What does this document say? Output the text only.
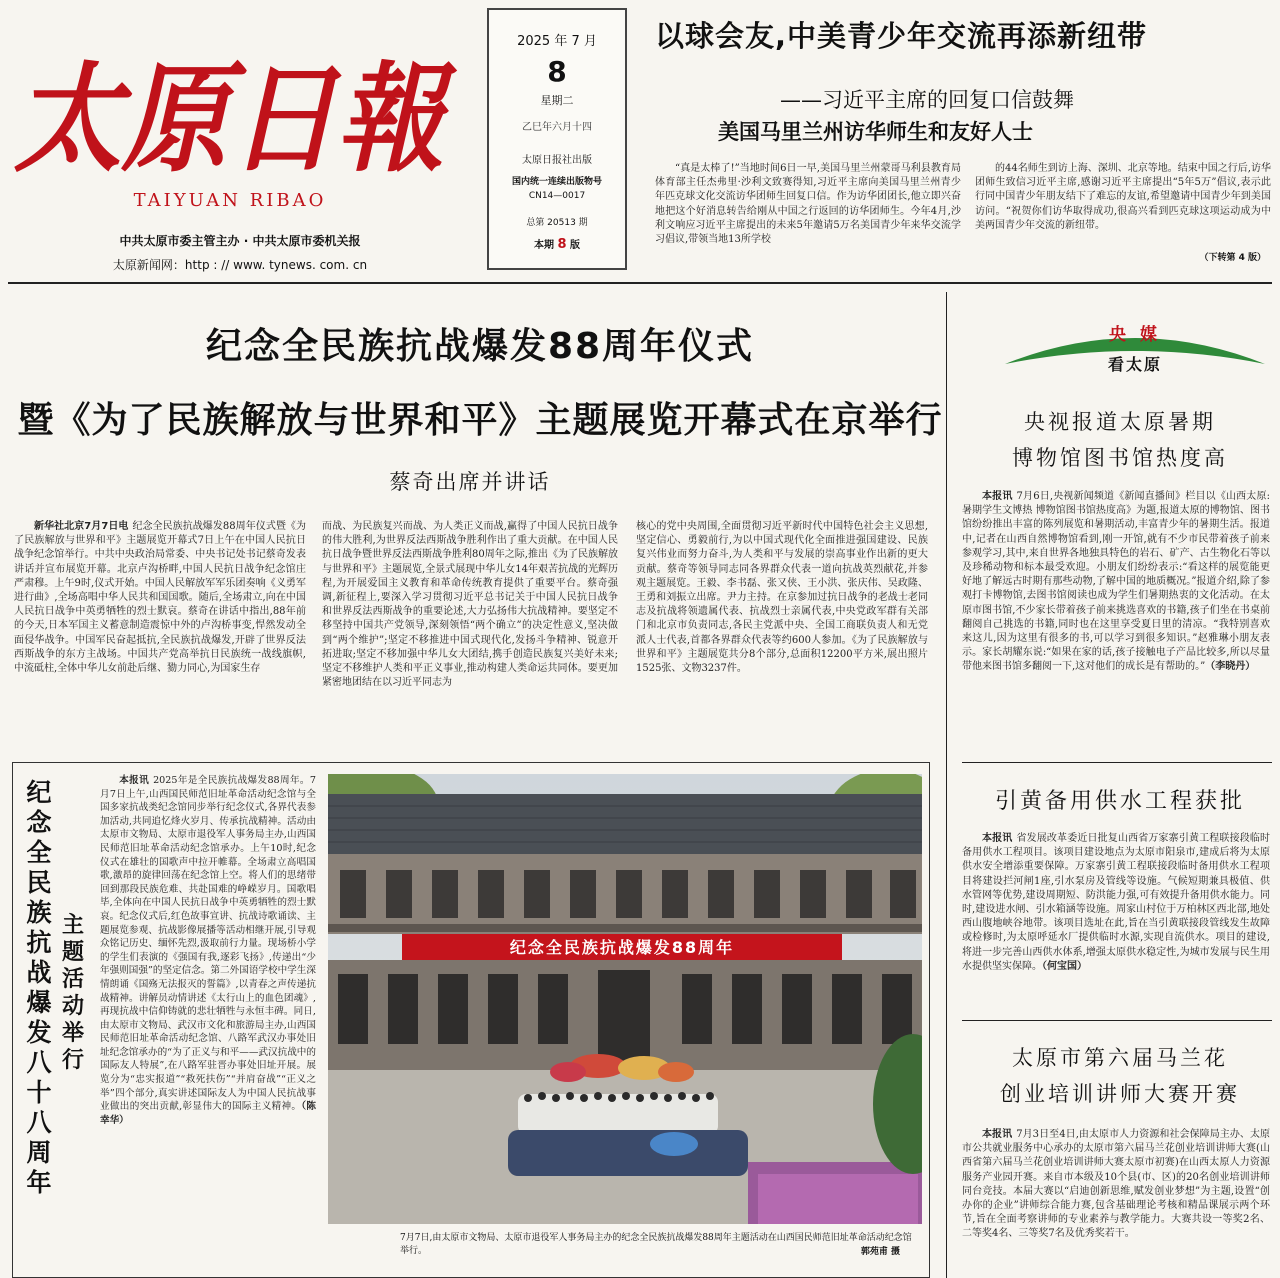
太原日報
TAIYUAN RIBAO
中共太原市委主管主办 · 中共太原市委机关报
太原新闻网：http : // www. tynews. com. cn
2025 年 7 月
8
星期二
乙巳年六月十四
太原日报社出版
国内统一连续出版物号
CN14—0017
总第 20513 期
本期 8 版
以球会友,中美青少年交流再添新纽带
——习近平主席的回复口信鼓舞
美国马里兰州访华师生和友好人士

“真是太棒了!”当地时间6日一早,美国马里兰州蒙哥马利县教育局体育部主任杰弗里·沙利文致赛得知,习近平主席向美国马里兰州青少年匹克球文化交流访华团师生回复口信。作为访华团团长,他立即兴奋地把这个好消息转告给刚从中国之行返回的访华团师生。今年4月,沙利文响应习近平主席提出的未来5年邀请5万名美国青少年来华交流学习倡议,带领当地13所学校

的44名师生到访上海、深圳、北京等地。结束中国之行后,访华团师生致信习近平主席,感谢习近平主席提出“5年5万”倡议,表示此行同中国青少年朋友结下了难忘的友谊,希望邀请中国青少年到美国访问。“祝贺你们访华取得成功,很高兴看到匹克球这项运动成为中美两国青少年交流的新纽带。

（下转第 4 版）
纪念全民族抗战爆发88周年仪式
暨《为了民族解放与世界和平》主题展览开幕式在京举行
蔡奇出席并讲话

新华社北京7月7日电 纪念全民族抗战爆发88周年仪式暨《为了民族解放与世界和平》主题展览开幕式7日上午在中国人民抗日战争纪念馆举行。中共中央政治局常委、中央书记处书记蔡奇发表讲话并宣布展览开幕。北京卢沟桥畔,中国人民抗日战争纪念馆庄严肃穆。上午9时,仪式开始。中国人民解放军军乐团奏响《义勇军进行曲》,全场高唱中华人民共和国国歌。随后,全场肃立,向在中国人民抗日战争中英勇牺牲的烈士默哀。蔡奇在讲话中指出,88年前的今天,日本军国主义蓄意制造震惊中外的卢沟桥事变,悍然发动全面侵华战争。中国军民奋起抵抗,全民族抗战爆发,开辟了世界反法西斯战争的东方主战场。中国共产党高举抗日民族统一战线旗帜,中流砥柱,全体中华儿女前赴后继、勠力同心,为国家生存

而战、为民族复兴而战、为人类正义而战,赢得了中国人民抗日战争的伟大胜利,为世界反法西斯战争胜利作出了重大贡献。在中国人民抗日战争暨世界反法西斯战争胜利80周年之际,推出《为了民族解放与世界和平》主题展览,全景式展现中华儿女14年艰苦抗战的光辉历程,为开展爱国主义教育和革命传统教育提供了重要平台。蔡奇强调,新征程上,要深入学习贯彻习近平总书记关于中国人民抗日战争和世界反法西斯战争的重要论述,大力弘扬伟大抗战精神。要坚定不移坚持中国共产党领导,深刻领悟“两个确立”的决定性意义,坚决做到“两个维护”;坚定不移推进中国式现代化,发扬斗争精神、锐意开拓进取;坚定不移加强中华儿女大团结,携手创造民族复兴美好未来;坚定不移维护人类和平正义事业,推动构建人类命运共同体。要更加紧密地团结在以习近平同志为

核心的党中央周围,全面贯彻习近平新时代中国特色社会主义思想,坚定信心、勇毅前行,为以中国式现代化全面推进强国建设、民族复兴伟业而努力奋斗,为人类和平与发展的崇高事业作出新的更大贡献。蔡奇等领导同志同各界群众代表一道向抗战英烈献花,并参观主题展览。王毅、李书磊、张又侠、王小洪、张庆伟、吴政隆、王勇和刘振立出席。尹力主持。在京参加过抗日战争的老战士老同志及抗战将领遗属代表、抗战烈士亲属代表,中央党政军群有关部门和北京市负责同志,各民主党派中央、全国工商联负责人和无党派人士代表,首都各界群众代表等约600人参加。《为了民族解放与世界和平》主题展览共分8个部分,总面积12200平方米,展出照片1525张、文物3237件。

央 媒
看太原
央视报道太原暑期
博物馆图书馆热度高

本报讯 7月6日,央视新闻频道《新闻直播间》栏目以《山西太原:暑期学生文博热 博物馆图书馆热度高》为题,报道太原的博物馆、图书馆纷纷推出丰富的陈列展览和暑期活动,丰富青少年的暑期生活。报道中,记者在山西自然博物馆看到,刚一开馆,就有不少市民带着孩子前来参观学习,其中,来自世界各地独具特色的岩石、矿产、古生物化石等以及珍稀动物和标本最受欢迎。小朋友们纷纷表示:“看这样的展览能更好地了解远古时期有那些动物,了解中国的地质概况。”报道介绍,除了参观打卡博物馆,去图书馆阅读也成为学生们暑期热衷的文化活动。在太原市图书馆,不少家长带着孩子前来挑选喜欢的书籍,孩子们坐在书桌前翻阅自己挑选的书籍,同时也在这里享受夏日里的清凉。“我特别喜欢来这儿,因为这里有很多的书,可以学习到很多知识。”赵雅琳小朋友表示。家长胡耀东说:“如果在家的话,孩子接触电子产品比较多,所以尽量带他来图书馆多翻阅一下,这对他们的成长是有帮助的。”（李晓丹）

引黄备用供水工程获批

本报讯 省发展改革委近日批复山西省万家寨引黄工程联接段临时备用供水工程项目。该项目建设地点为太原市阳泉市,建成后将为太原供水安全增添重要保障。万家寨引黄工程联接段临时备用供水工程项目将建设拦河闸1座,引水泵房及管线等设施。气候短期兼具极值、供水管网等优势,建设周期短、防洪能力强,可有效提升备用供水能力。同时,建设进水闸、引水箱涵等设施。周家山村位于万柏林区西北部,地处西山腹地峡谷地带。该项目选址在此,旨在当引黄联接段管线发生故障或检修时,为太原呼延水厂提供临时水源,实现自流供水。项目的建设,将进一步完善山西供水体系,增强太原供水稳定性,为城市发展与民生用水提供坚实保障。（何宝国）

太原市第六届马兰花
创业培训讲师大赛开赛

本报讯 7月3日至4日,由太原市人力资源和社会保障局主办、太原市公共就业服务中心承办的太原市第六届马兰花创业培训讲师大赛(山西省第六届马兰花创业培训讲师大赛太原市初赛)在山西太原人力资源服务产业园开赛。来自市本级及10个县(市、区)的20名创业培训讲师同台竞技。本届大赛以“启迪创新思维,赋发创业梦想”为主题,设置“创办你的企业”讲师综合能力赛,包含基础理论考核和精品课展示两个环节,旨在全面考察讲师的专业素养与教学能力。大赛共设一等奖2名、二等奖4名、三等奖7名及优秀奖若干。

纪念全民族抗战爆发八十八周年
主题活动举行

本报讯 2025年是全民族抗战爆发88周年。7月7日上午,山西国民师范旧址革命活动纪念馆与全国多家抗战类纪念馆同步举行纪念仪式,各界代表参加活动,共同追忆烽火岁月、传承抗战精神。活动由太原市文物局、太原市退役军人事务局主办,山西国民师范旧址革命活动纪念馆承办。上午10时,纪念仪式在雄壮的国歌声中拉开帷幕。全场肃立高唱国歌,激昂的旋律回荡在纪念馆上空。将人们的思绪带回到那段民族危难、共赴国难的峥嵘岁月。国歌唱毕,全体向在中国人民抗日战争中英勇牺牲的烈士默哀。纪念仪式后,红色故事宣讲、抗战诗歌诵读、主题展览参观、抗战影像展播等活动相继开展,引导观众铭记历史、缅怀先烈,汲取前行力量。现场桥小学的学生们表演的《强国有我,逐彩飞扬》,传递出“少年强则国强”的坚定信念。第二外国语学校中学生深情朗诵《国殇无法报灭的誓篇》,以青春之声传递抗战精神。讲解员动情讲述《太行山上的血色团魂》,再现抗战中信仰铸就的悲壮牺牲与永恒丰碑。同日,由太原市文物局、武汉市文化和旅游局主办,山西国民师范旧址革命活动纪念馆、八路军武汉办事处旧址纪念馆承办的“为了正义与和平——武汉抗战中的国际友人特展”,在八路军驻晋办事处旧址开展。展览分为“忠实报道”“救死扶伤”“并肩奋战”“正义之举”四个部分,真实讲述国际友人为中国人民抗战事业做出的突出贡献,彰显伟大的国际主义精神。（陈幸华）

纪念全民族抗战爆发88周年
7月7日,由太原市文物局、太原市退役军人事务局主办的纪念全民族抗战爆发88周年主题活动在山西国民师范旧址革命活动纪念馆举行。	郭苑甫 摄
